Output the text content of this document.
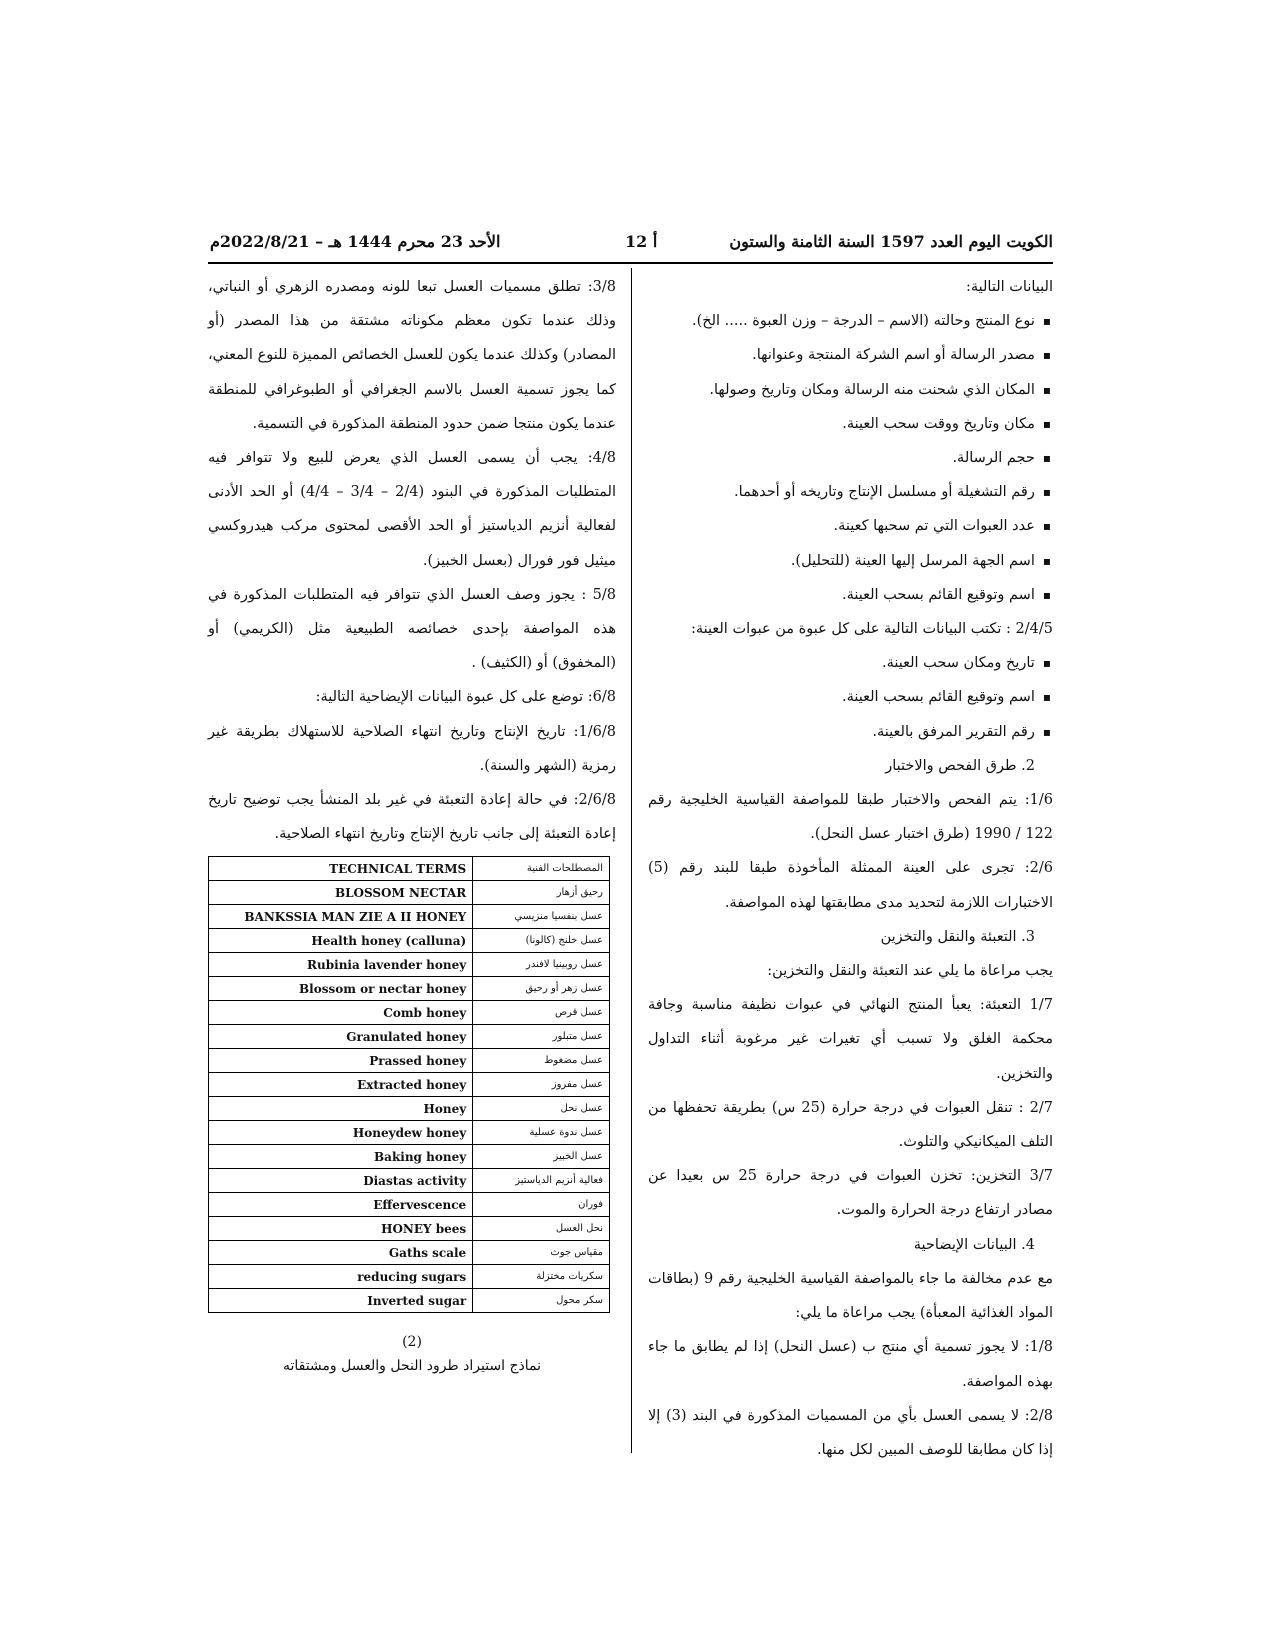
الكويت اليوم العدد 1597 السنة الثامنة والستون
أ 12
الأحد 23 محرم 1444 هـ – 2022/8/21م

البيانات التالية:

▪ نوع المنتج وحالته (الاسم – الدرجة – وزن العبوة ..... الخ).

▪ مصدر الرسالة أو اسم الشركة المنتجة وعنوانها.

▪ المكان الذي شحنت منه الرسالة ومكان وتاريخ وصولها.

▪ مكان وتاريخ ووقت سحب العينة.

▪ حجم الرسالة.

▪ رقم التشغيلة أو مسلسل الإنتاج وتاريخه أو أحدهما.

▪ عدد العبوات التي تم سحبها كعينة.

▪ اسم الجهة المرسل إليها العينة (للتحليل).

▪ اسم وتوقيع القائم بسحب العينة.

2/4/5 : تكتب البيانات التالية على كل عبوة من عبوات العينة:

▪ تاريخ ومكان سحب العينة.

▪ اسم وتوقيع القائم بسحب العينة.

▪ رقم التقرير المرفق بالعينة.

2. طرق الفحص والاختبار

1/6: يتم الفحص والاختبار طبقا للمواصفة القياسية الخليجية رقم 122 / 1990 (طرق اختبار عسل النحل).

2/6: تجرى على العينة الممثلة المأخوذة طبقا للبند رقم (5) الاختبارات اللازمة لتحديد مدى مطابقتها لهذه المواصفة.

3. التعبئة والنقل والتخزين

يجب مراعاة ما يلي عند التعبئة والنقل والتخزين:

1/7 التعبئة: يعبأ المنتج النهائي في عبوات نظيفة مناسبة وجافة محكمة الغلق ولا تسبب أي تغيرات غير مرغوبة أثناء التداول والتخزين.

2/7 : تنقل العبوات في درجة حرارة (25 س) بطريقة تحفظها من التلف الميكانيكي والتلوث.

3/7 التخزين: تخزن العبوات في درجة حرارة 25 س بعيدا عن مصادر ارتفاع درجة الحرارة والموت.

4. البيانات الإيضاحية

مع عدم مخالفة ما جاء بالمواصفة القياسية الخليجية رقم 9 (بطاقات المواد الغذائية المعبأة) يجب مراعاة ما يلي:

1/8: لا يجوز تسمية أي منتج ب (عسل النحل) إذا لم يطابق ما جاء بهذه المواصفة.

2/8: لا يسمى العسل بأي من المسميات المذكورة في البند (3) إلا إذا كان مطابقا للوصف المبين لكل منها.

3/8: تطلق مسميات العسل تبعا للونه ومصدره الزهري أو النباتي، وذلك عندما تكون معظم مكوناته مشتقة من هذا المصدر (أو المصادر) وكذلك عندما يكون للعسل الخصائص المميزة للنوع المعني، كما يجوز تسمية العسل بالاسم الجغرافي أو الطبوغرافي للمنطقة عندما يكون منتجا ضمن حدود المنطقة المذكورة في التسمية.

4/8: يجب أن يسمى العسل الذي يعرض للبيع ولا تتوافر فيه المتطلبات المذكورة في البنود (2/4 – 3/4 – 4/4) أو الحد الأدنى لفعالية أنزيم الدياستيز أو الحد الأقصى لمحتوى مركب هيدروكسي ميثيل فور فورال (بعسل الخبيز).

5/8 : يجوز وصف العسل الذي تتوافر فيه المتطلبات المذكورة في هذه المواصفة بإحدى خصائصه الطبيعية مثل (الكريمي) أو (المخفوق) أو (الكثيف) .

6/8: توضع على كل عبوة البيانات الإيضاحية التالية:

1/6/8: تاريخ الإنتاج وتاريخ انتهاء الصلاحية للاستهلاك بطريقة غير رمزية (الشهر والسنة).

2/6/8: في حالة إعادة التعبئة في غير بلد المنشأ يجب توضيح تاريخ إعادة التعبئة إلى جانب تاريخ الإنتاج وتاريخ انتهاء الصلاحية.

TECHNICAL TERMS	المصطلحات الفنية
BLOSSOM NECTAR	رحيق أزهار
BANKSSIA MAN ZIE A II HONEY	عسل بنفسيا منزيسي
Health honey (calluna)	عسل خلنج (كالونا)
Rubinia lavender honey	عسل روبينيا لافندر
Blossom or nectar honey	عسل زهر أو رحيق
Comb honey	عسل قرص
Granulated honey	عسل متبلور
Prassed honey	عسل مضغوط
Extracted honey	عسل مفروز
Honey	عسل نحل
Honeydew honey	عسل ندوة عسلية
Baking honey	عسل الخبيز
Diastas activity	فعالية أنزيم الدياستيز
Effervescence	فوران
HONEY bees	نحل العسل
Gaths scale	مقياس جوث
reducing sugars	سكريات مختزلة
Inverted sugar	سكر محول
(2)
نماذج استيراد طرود النحل والعسل ومشتقاته
